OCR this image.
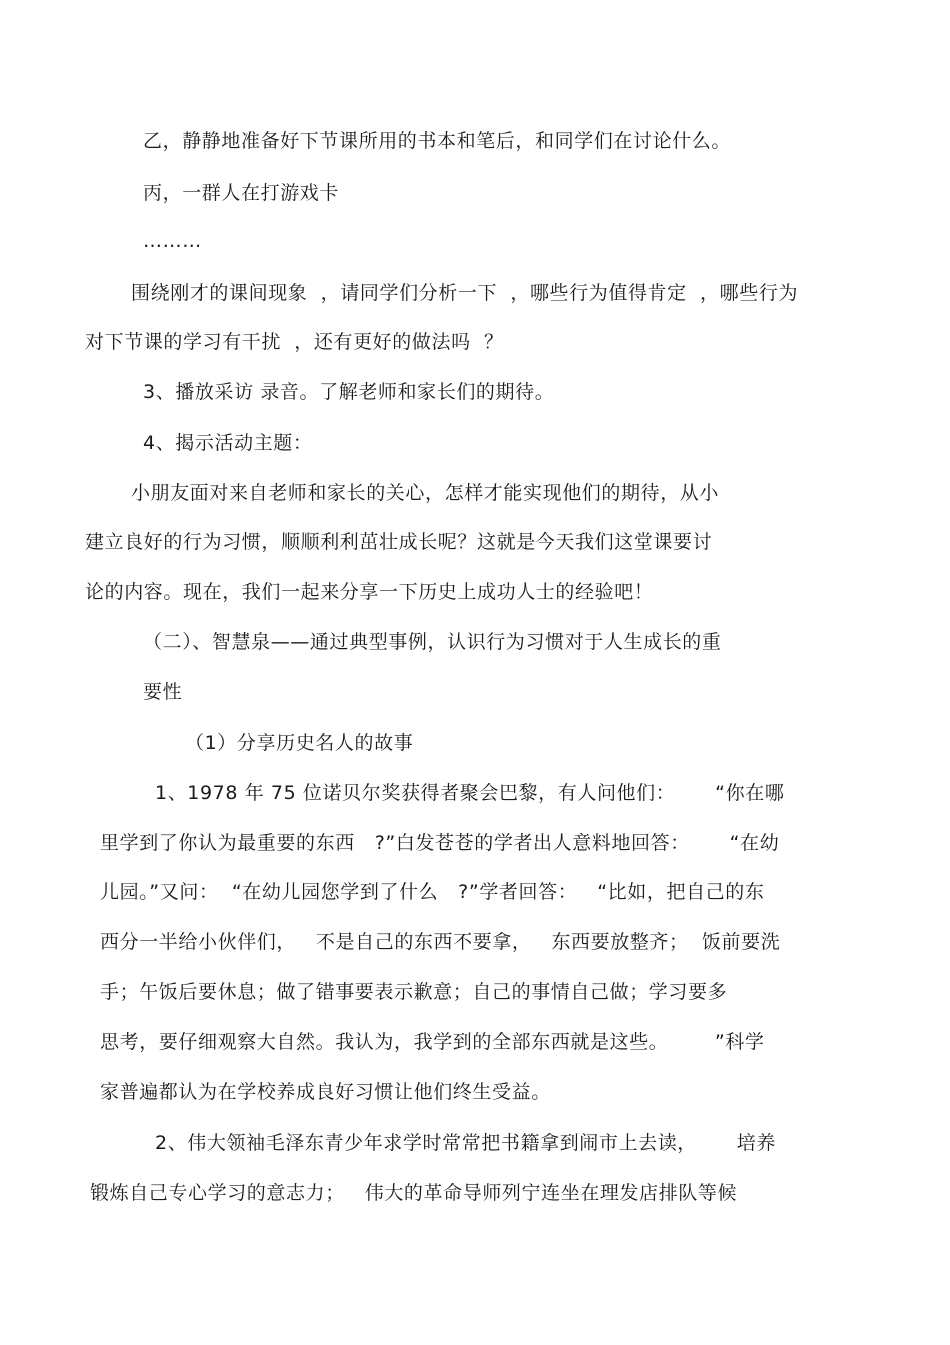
乙，静静地准备好下节课所用的书本和笔后，和同学们在讨论什么。
丙，一群人在打游戏卡
………
围绕刚才的课间现象  ，请同学们分析一下  ，哪些行为值得肯定  ，哪些行为
对下节课的学习有干扰  ，还有更好的做法吗  ？
3、播放采访 录音。了解老师和家长们的期待。
4、揭示活动主题：
小朋友面对来自老师和家长的关心，怎样才能实现他们的期待，从小
建立良好的行为习惯，顺顺利利茁壮成长呢？这就是今天我们这堂课要讨
论的内容。现在，我们一起来分享一下历史上成功人士的经验吧！
（二）、智慧泉——通过典型事例，认识行为习惯对于人生成长的重
要性
（1）分享历史名人的故事
1、1978 年 75 位诺贝尔奖获得者聚会巴黎，有人问他们：      “你在哪
里学到了你认为最重要的东西   ?”白发苍苍的学者出人意料地回答：      “在幼
儿园。”又问：  “在幼儿园您学到了什么   ?”学者回答：   “比如，把自己的东
西分一半给小伙伴们，   不是自己的东西不要拿，   东西要放整齐；  饭前要洗
手；午饭后要休息；做了错事要表示歉意；自己的事情自己做；学习要多
思考，要仔细观察大自然。我认为，我学到的全部东西就是这些。       ”科学
家普遍都认为在学校养成良好习惯让他们终生受益。
2、伟大领袖毛泽东青少年求学时常常把书籍拿到闹市上去读，      培养
锻炼自己专心学习的意志力；   伟大的革命导师列宁连坐在理发店排队等候
